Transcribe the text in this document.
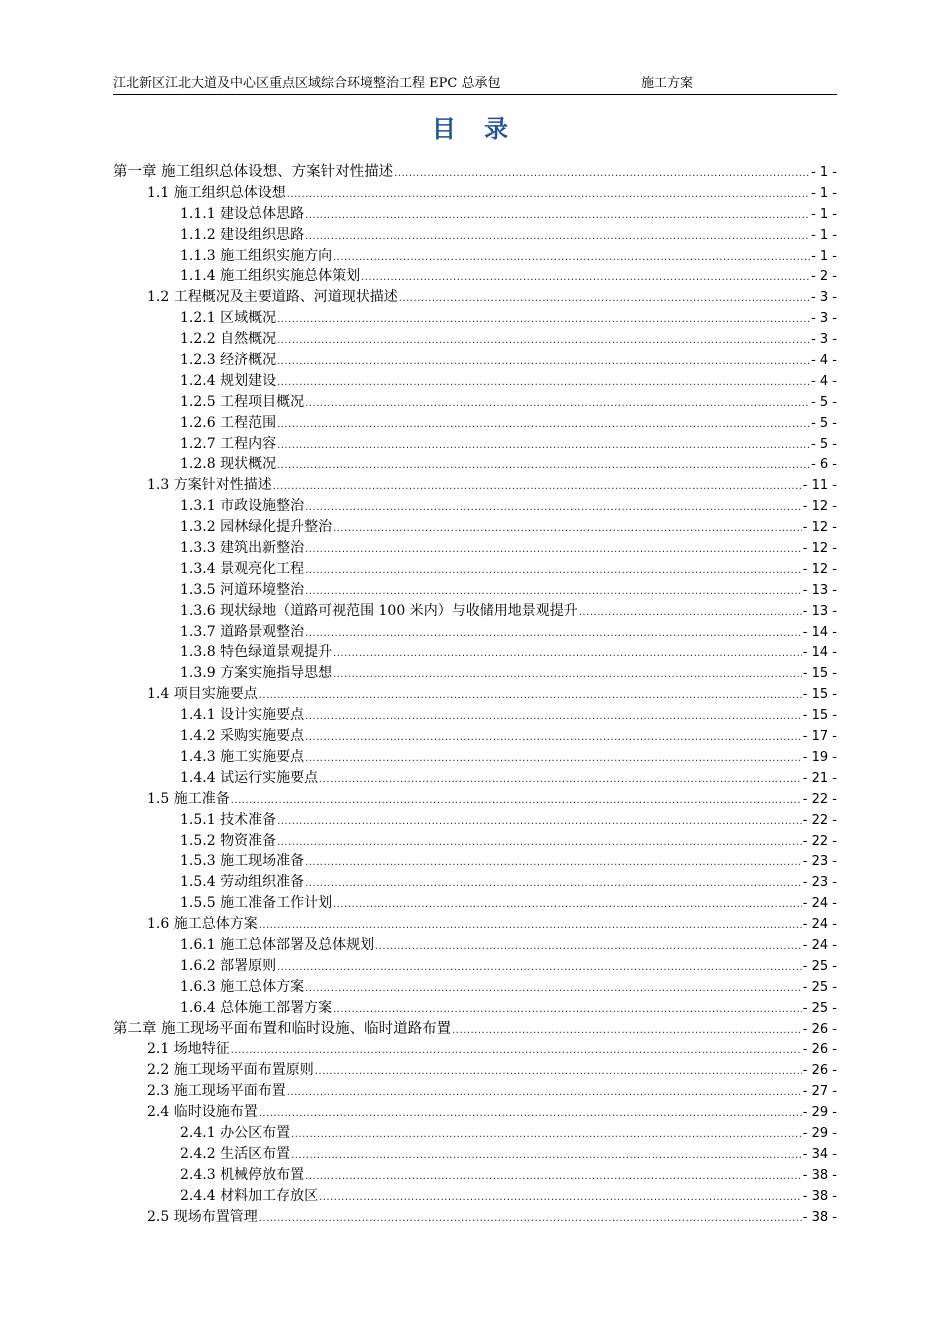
江北新区江北大道及中心区重点区域综合环境整治工程 EPC 总承包	施工方案
目 录
第一章 施工组织总体设想、方案针对性描述 .....	- 1 -
1.1 施工组织总体设想 .....	- 1 -
1.1.1 建设总体思路 .....	- 1 -
1.1.2 建设组织思路 .....	- 1 -
1.1.3 施工组织实施方向 .....	- 1 -
1.1.4 施工组织实施总体策划 .....	- 2 -
1.2 工程概况及主要道路、河道现状描述 .....	- 3 -
1.2.1 区域概况 .....	- 3 -
1.2.2 自然概况 .....	- 3 -
1.2.3 经济概况 .....	- 4 -
1.2.4 规划建设 .....	- 4 -
1.2.5 工程项目概况 .....	- 5 -
1.2.6 工程范围 .....	- 5 -
1.2.7 工程内容 .....	- 5 -
1.2.8 现状概况 .....	- 6 -
1.3 方案针对性描述 .....	- 11 -
1.3.1 市政设施整治 .....	- 12 -
1.3.2 园林绿化提升整治 .....	- 12 -
1.3.3 建筑出新整治 .....	- 12 -
1.3.4 景观亮化工程 .....	- 12 -
1.3.5 河道环境整治 .....	- 13 -
1.3.6 现状绿地（道路可视范围 100 米内）与收储用地景观提升 .....	- 13 -
1.3.7 道路景观整治 .....	- 14 -
1.3.8 特色绿道景观提升 .....	- 14 -
1.3.9 方案实施指导思想 .....	- 15 -
1.4 项目实施要点 .....	- 15 -
1.4.1 设计实施要点 .....	- 15 -
1.4.2 采购实施要点 .....	- 17 -
1.4.3 施工实施要点 .....	- 19 -
1.4.4 试运行实施要点 .....	- 21 -
1.5 施工准备 .....	- 22 -
1.5.1 技术准备 .....	- 22 -
1.5.2 物资准备 .....	- 22 -
1.5.3 施工现场准备 .....	- 23 -
1.5.4 劳动组织准备 .....	- 23 -
1.5.5 施工准备工作计划 .....	- 24 -
1.6 施工总体方案 .....	- 24 -
1.6.1 施工总体部署及总体规划 .....	- 24 -
1.6.2 部署原则 .....	- 25 -
1.6.3 施工总体方案 .....	- 25 -
1.6.4 总体施工部署方案 .....	- 25 -
第二章 施工现场平面布置和临时设施、临时道路布置 .....	- 26 -
2.1 场地特征 .....	- 26 -
2.2 施工现场平面布置原则 .....	- 26 -
2.3 施工现场平面布置 .....	- 27 -
2.4 临时设施布置 .....	- 29 -
2.4.1 办公区布置 .....	- 29 -
2.4.2 生活区布置 .....	- 34 -
2.4.3 机械停放布置 .....	- 38 -
2.4.4 材料加工存放区 .....	- 38 -
2.5 现场布置管理 .....	- 38 -
